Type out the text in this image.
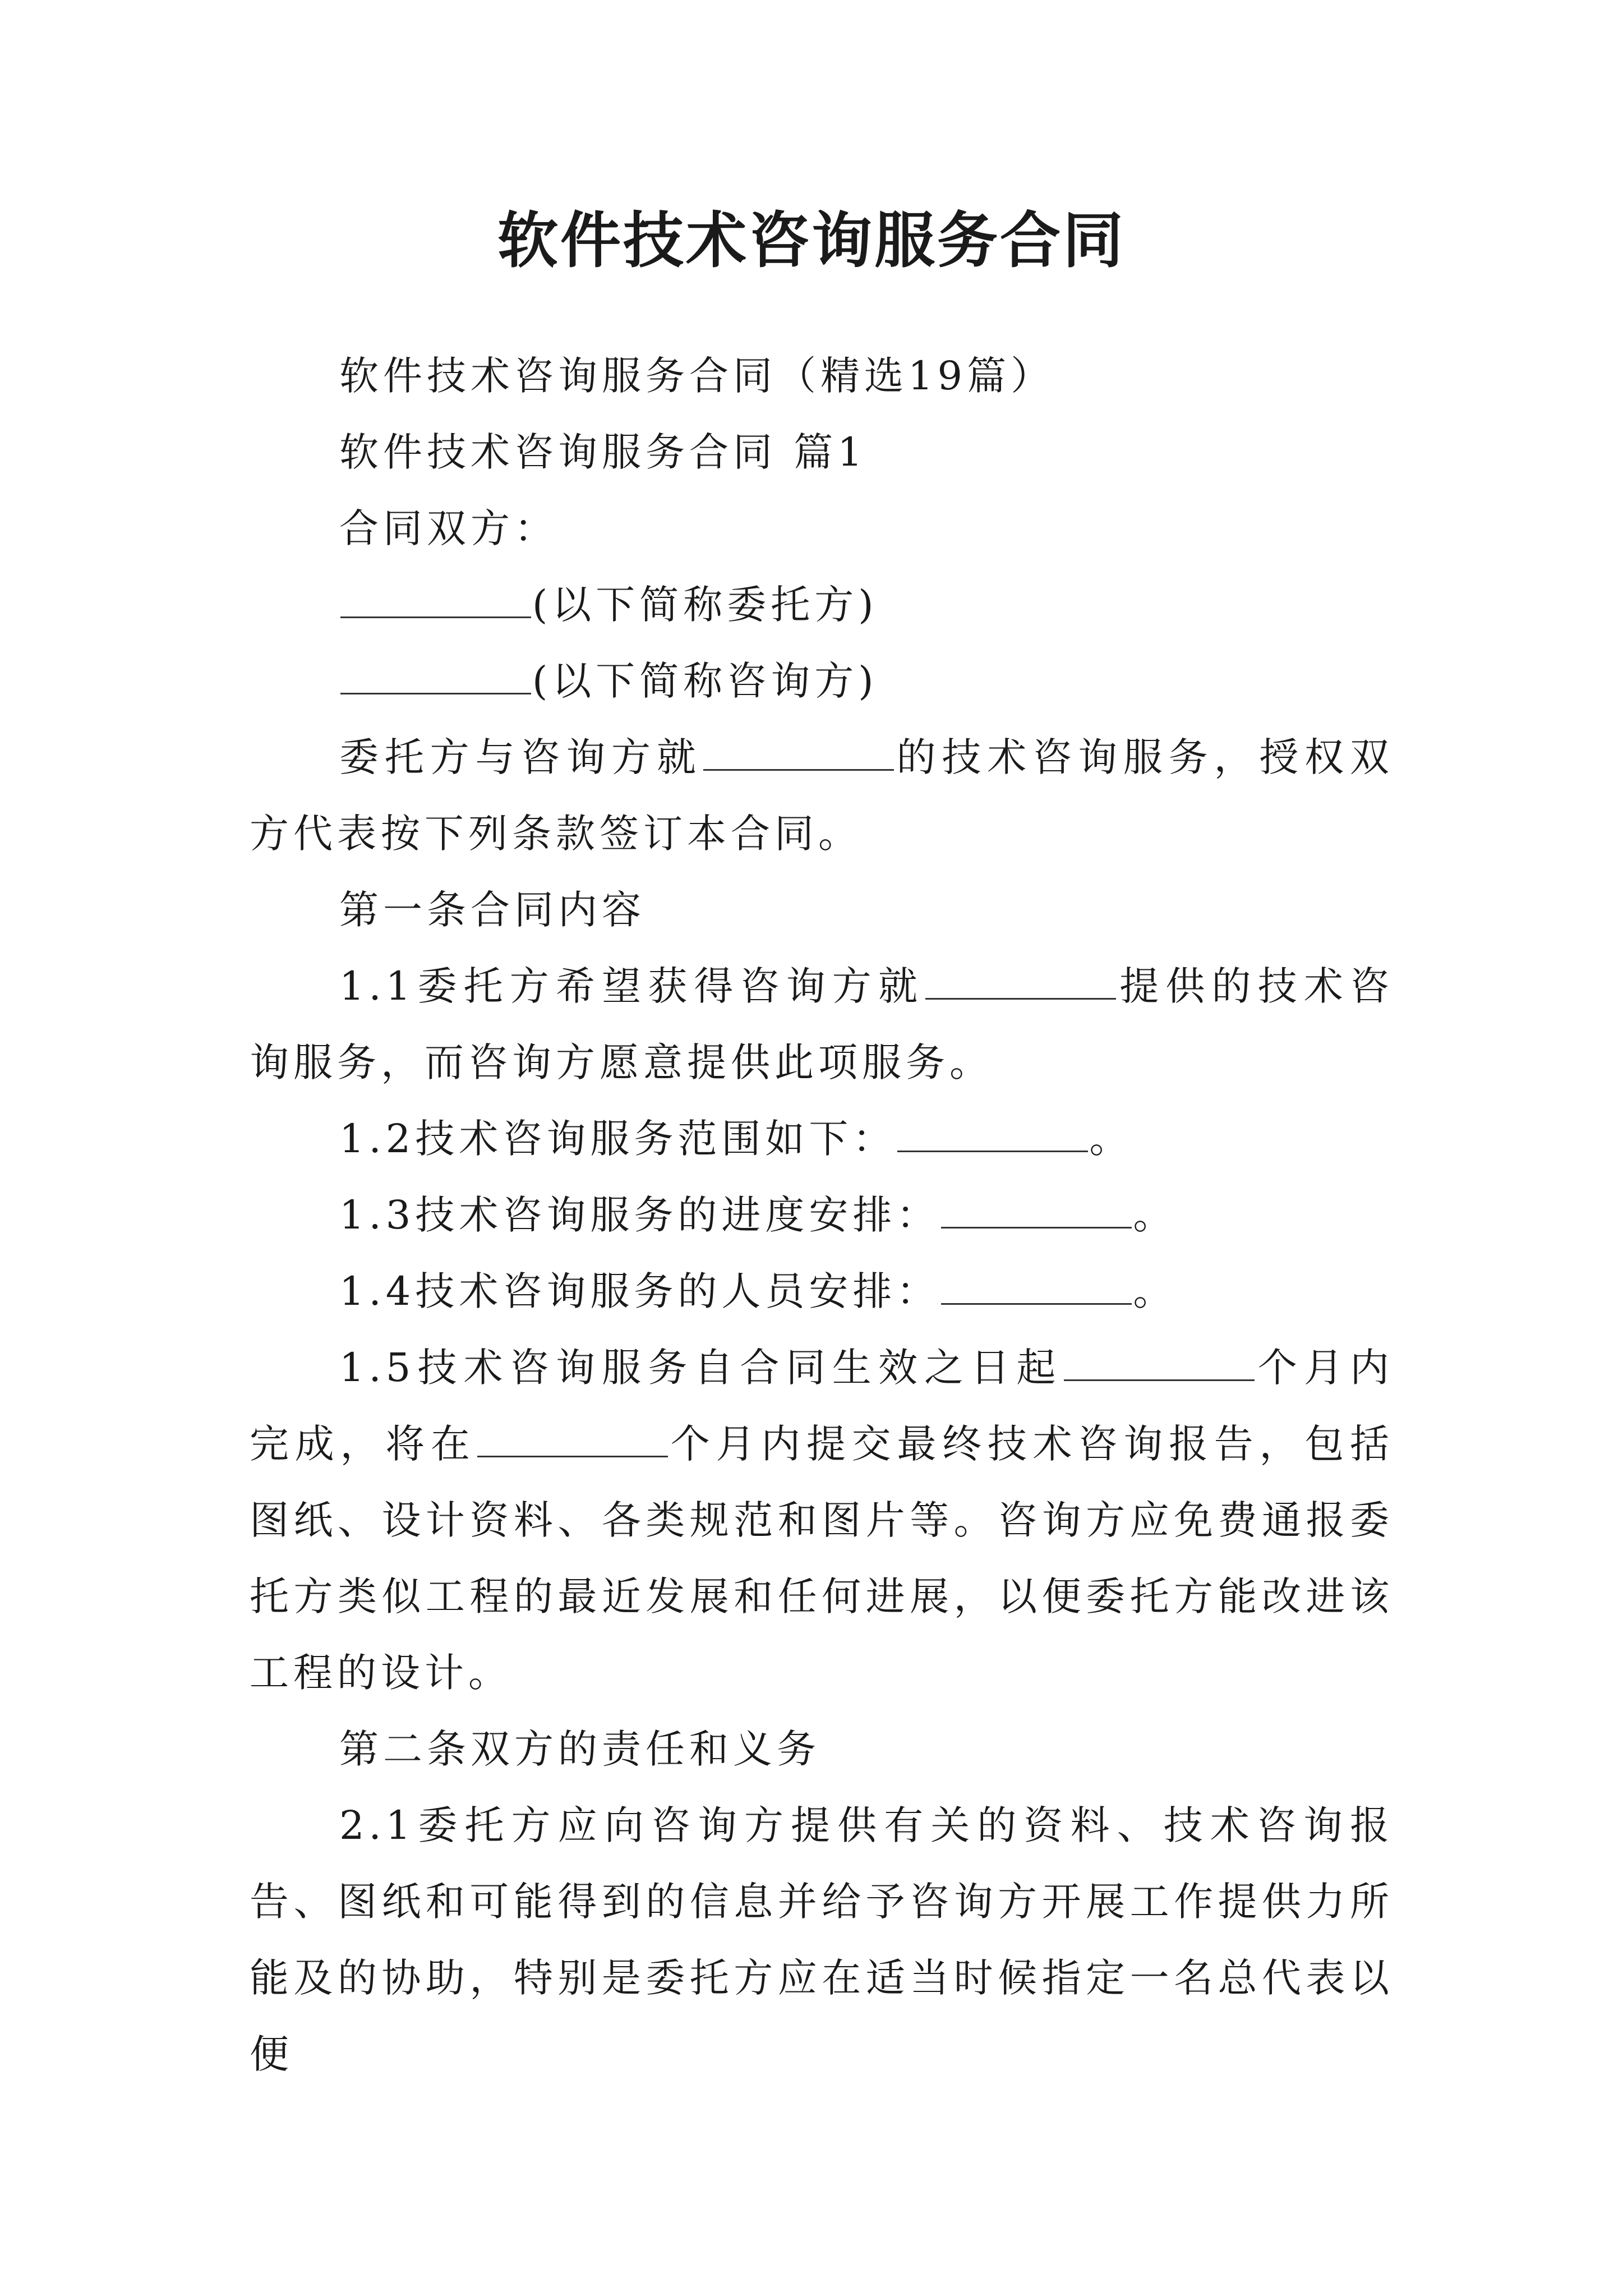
软件技术咨询服务合同

软件技术咨询服务合同（精选19篇）

软件技术咨询服务合同 篇1

合同双方：

(以下简称委托方)

(以下简称咨询方)

委托方与咨询方就	的技术咨询服务，授权双方代表按下列条款签订本合同。

第一条合同内容

1.1委托方希望获得咨询方就	提供的技术咨询服务，而咨询方愿意提供此项服务。

1.2技术咨询服务范围如下：	。

1.3技术咨询服务的进度安排：	。

1.4技术咨询服务的人员安排：	。

1.5技术咨询服务自合同生效之日起	个月内完成，将在	个月内提交最终技术咨询报告，包括图纸、设计资料、各类规范和图片等。咨询方应免费通报委托方类似工程的最近发展和任何进展，以便委托方能改进该工程的设计。

第二条双方的责任和义务

2.1委托方应向咨询方提供有关的资料、技术咨询报告、图纸和可能得到的信息并给予咨询方开展工作提供力所能及的协助，特别是委托方应在适当时候指定一名总代表以便
